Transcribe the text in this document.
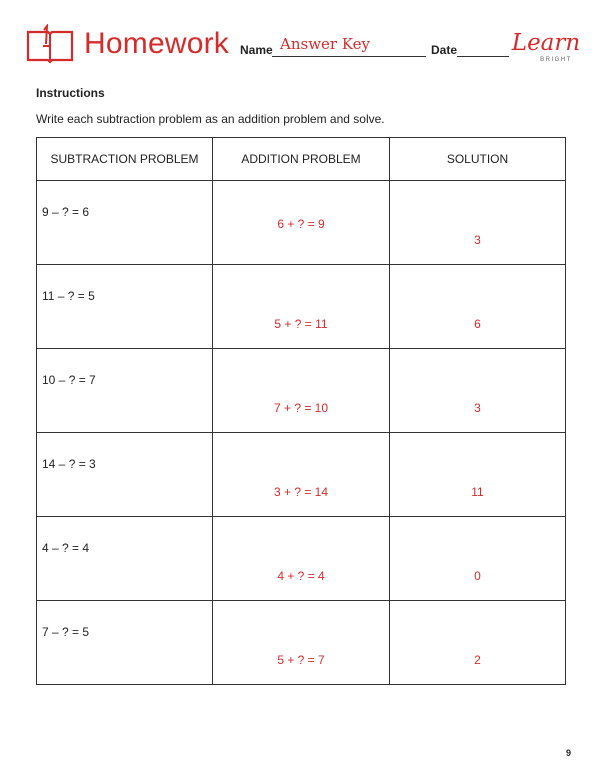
Homework Name Answer Key	Date Learn
BRIGHT
Instructions
Write each subtraction problem as an addition problem and solve.
SUBTRACTION PROBLEM	ADDITION PROBLEM	SOLUTION

9 – ? = 6	6 + ? = 9	3

11 – ? = 5	5 + ? = 11	6

10 – ? = 7	7 + ? = 10	3

14 – ? = 3	3 + ? = 14	11

4 – ? = 4	4 + ? = 4	0

7 – ? = 5	5 + ? = 7	2
9
